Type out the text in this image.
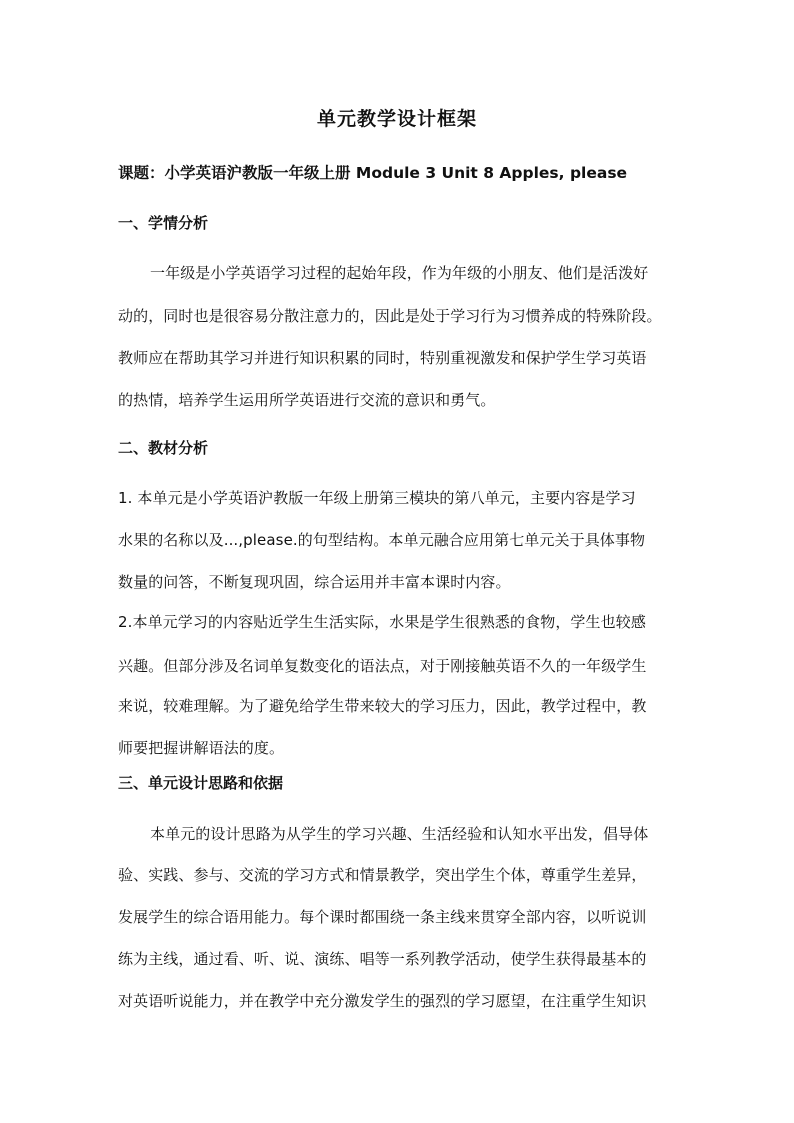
单元教学设计框架
课题：小学英语沪教版一年级上册 Module 3 Unit 8 Apples, please
一、学情分析
一年级是小学英语学习过程的起始年段，作为年级的小朋友、他们是活泼好
动的，同时也是很容易分散注意力的，因此是处于学习行为习惯养成的特殊阶段。
教师应在帮助其学习并进行知识积累的同时，特别重视激发和保护学生学习英语
的热情，培养学生运用所学英语进行交流的意识和勇气。
二、教材分析
1. 本单元是小学英语沪教版一年级上册第三模块的第八单元，主要内容是学习
水果的名称以及...,please.的句型结构。本单元融合应用第七单元关于具体事物
数量的问答，不断复现巩固，综合运用并丰富本课时内容。
2.本单元学习的内容贴近学生生活实际，水果是学生很熟悉的食物，学生也较感
兴趣。但部分涉及名词单复数变化的语法点，对于刚接触英语不久的一年级学生
来说，较难理解。为了避免给学生带来较大的学习压力，因此，教学过程中，教
师要把握讲解语法的度。
三、单元设计思路和依据
本单元的设计思路为从学生的学习兴趣、生活经验和认知水平出发，倡导体
验、实践、参与、交流的学习方式和情景教学，突出学生个体，尊重学生差异，
发展学生的综合语用能力。每个课时都围绕一条主线来贯穿全部内容，以听说训
练为主线，通过看、听、说、演练、唱等一系列教学活动，使学生获得最基本的
对英语听说能力，并在教学中充分激发学生的强烈的学习愿望，在注重学生知识
